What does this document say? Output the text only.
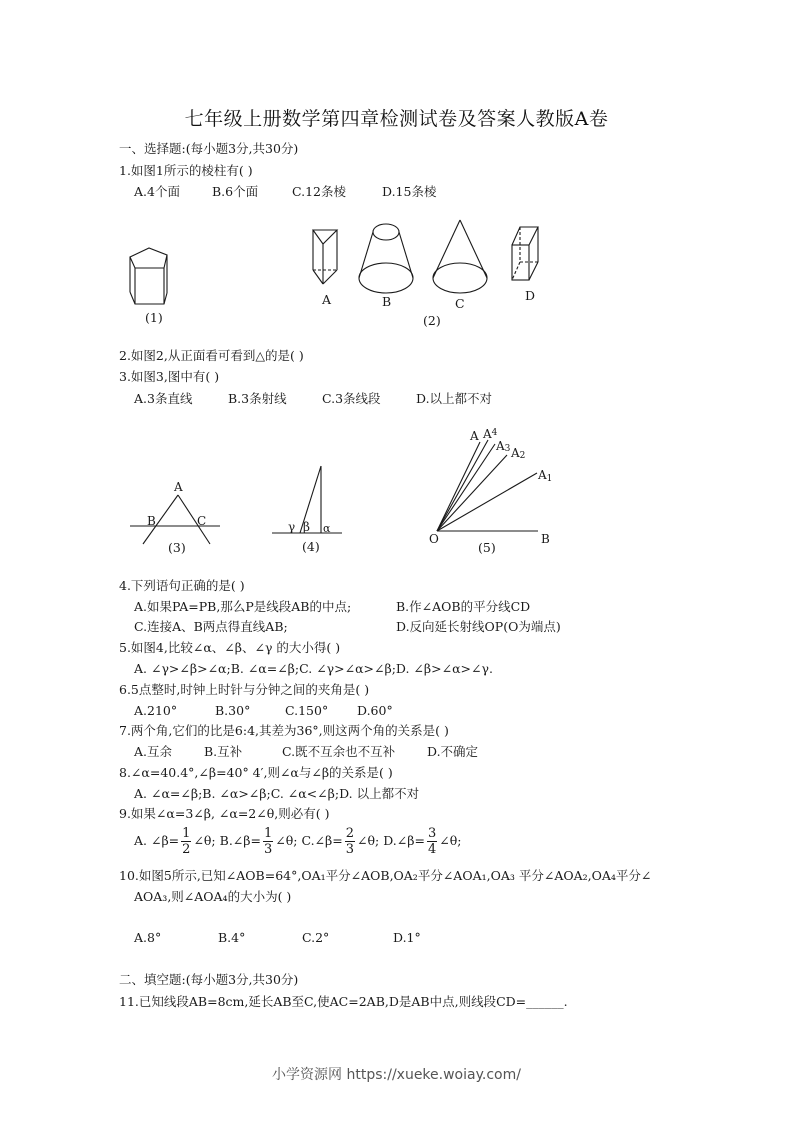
七年级上册数学第四章检测试卷及答案人教版A卷
一、选择题:(每小题3分,共30分)
1.如图1所示的棱柱有( )
A.4个面	B.6个面	C.12条棱	D.15条棱
(1)
A	B	C
D
(2)
2.如图2,从正面看可看到△的是( )
3.如图3,图中有( )
A.3条直线	B.3条射线	C.3条线段	D.以上都不对
A
B	C
(3)
γ β α
(4)
A $A^4$
A3 A2
A1
O	B
(5)
4.下列语句正确的是( )
A.如果PA=PB,那么P是线段AB的中点;	B.作∠AOB的平分线CD
C.连接A、B两点得直线AB;	D.反向延长射线OP(O为端点)
5.如图4,比较∠α、∠β、∠γ 的大小得( )
A. ∠γ>∠β>∠α;B. ∠α=∠β;C. ∠γ>∠α>∠β;D. ∠β>∠α>∠γ.
6.5点整时,时钟上时针与分钟之间的夹角是( )
A.210°	B.30°	C.150° D.60°
7.两个角,它们的比是6:4,其差为36°,则这两个角的关系是( )
A.互余	B.互补	C.既不互余也不互补	D.不确定
8.∠α=40.4°,∠β=40° 4′,则∠α与∠β的关系是( )
A. ∠α=∠β;B. ∠α>∠β;C. ∠α<∠β;D. 以上都不对
9.如果∠α=3∠β, ∠α=2∠θ,则必有( )
A. ∠β= $\frac{1}{2}$ ∠θ; B.∠β= $\frac{1}{3}$ ∠θ; C.∠β= $\frac{2}{3}$ ∠θ; D.∠β= $\frac{3}{4}$ ∠θ;
10.如图5所示,已知∠AOB=64°,OA₁平分∠AOB,OA₂平分∠AOA₁,OA₃ 平分∠AOA₂,OA₄平分∠
AOA₃,则∠AOA₄的大小为( )
A.8°	B.4°	C.2°	D.1°
二、填空题:(每小题3分,共30分)
11.已知线段AB=8cm,延长AB至C,使AC=2AB,D是AB中点,则线段CD=______.
小学资源网 https://xueke.woiay.com/
